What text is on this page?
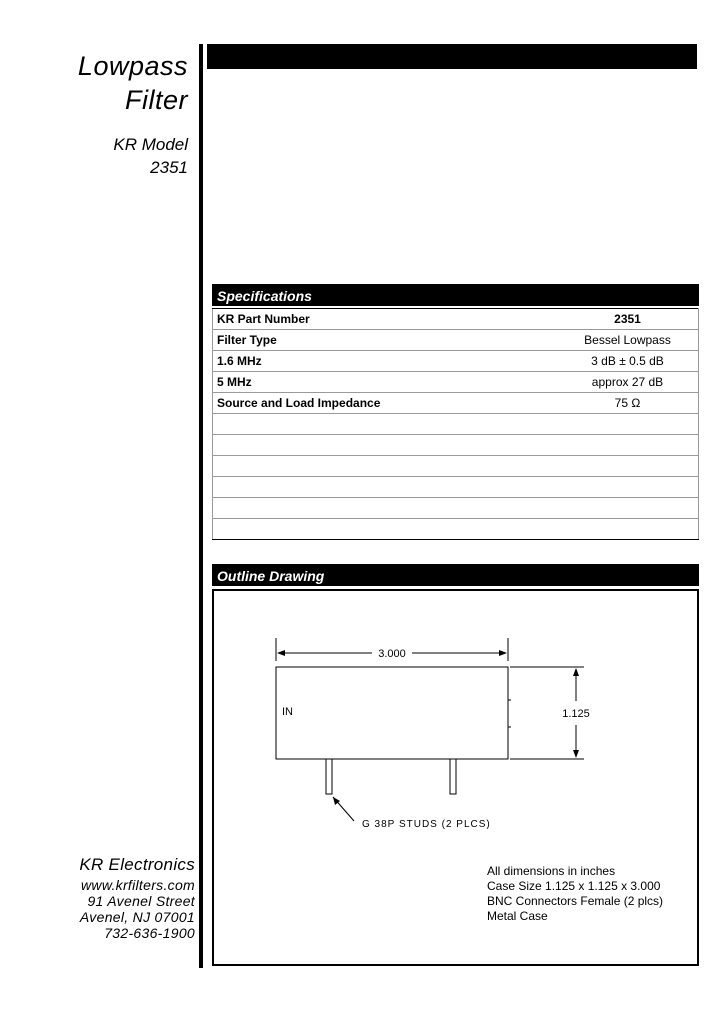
Lowpass
Filter
KR Model
2351
Specifications
KR Part Number	2351
Filter Type	Bessel Lowpass
1.6 MHz	3 dB ± 0.5 dB
5 MHz	approx 27 dB
Source and Load Impedance	75 Ω

Outline Drawing
3.000
IN	1.125
G 38P STUDS (2 PLCS)
All dimensions in inches
Case Size 1.125 x 1.125 x 3.000
BNC Connectors Female (2 plcs)
Metal Case
KR Electronics
www.krfilters.com
91 Avenel Street
Avenel, NJ 07001
732-636-1900
